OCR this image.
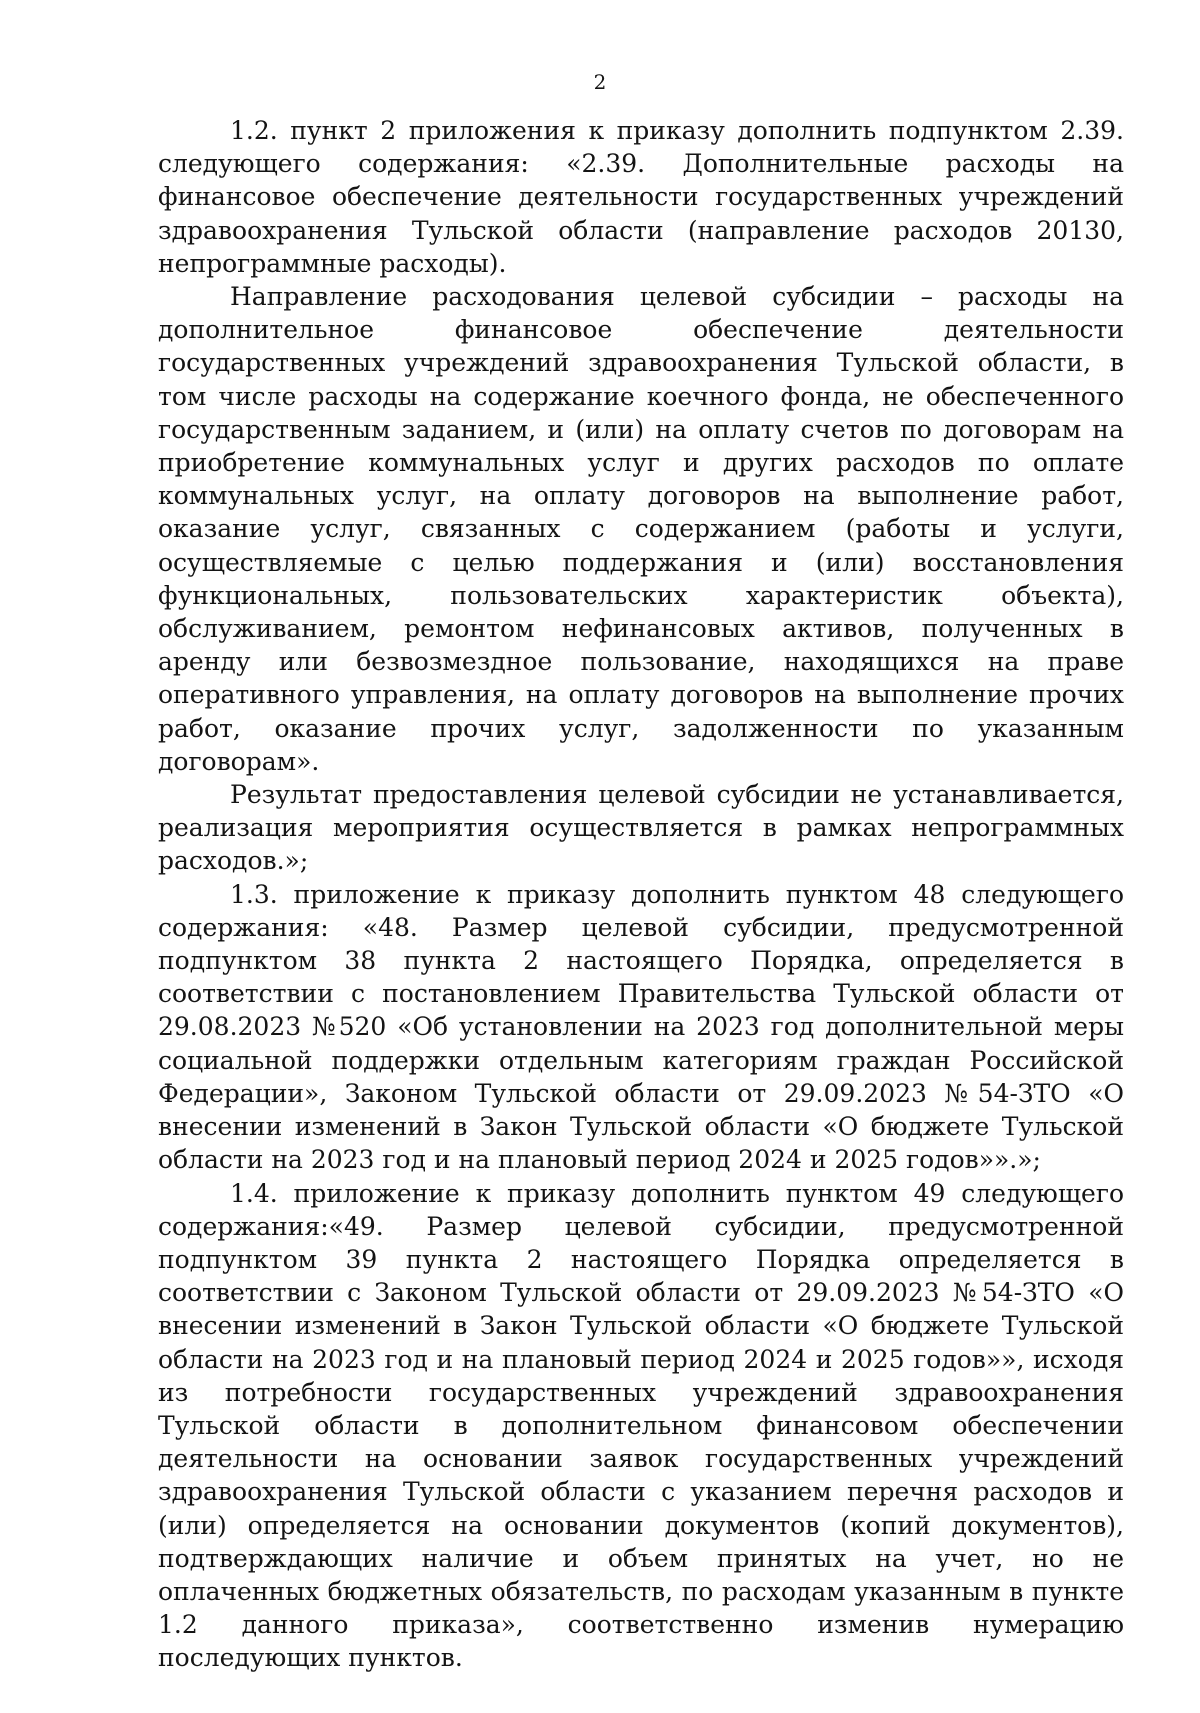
2

1.2. пункт 2 приложения к приказу дополнить подпунктом 2.39. следующего содержания: «2.39. Дополнительные расходы на финансовое обеспечение деятельности государственных учреждений здравоохранения Тульской области (направление расходов 20130, непрограммные расходы).

Направление расходования целевой субсидии – расходы на дополнительное финансовое обеспечение деятельности государственных учреждений здравоохранения Тульской области, в том числе расходы на содержание коечного фонда, не обеспеченного государственным заданием, и (или) на оплату счетов по договорам на приобретение коммунальных услуг и других расходов по оплате коммунальных услуг, на оплату договоров на выполнение работ, оказание услуг, связанных с содержанием (работы и услуги, осуществляемые с целью поддержания и (или) восстановления функциональных, пользовательских характеристик объекта), обслуживанием, ремонтом нефинансовых активов, полученных в аренду или безвозмездное пользование, находящихся на праве оперативного управления, на оплату договоров на выполнение прочих работ, оказание прочих услуг, задолженности по указанным договорам».

Результат предоставления целевой субсидии не устанавливается, реализация мероприятия осуществляется в рамках непрограммных расходов.»;

1.3. приложение к приказу дополнить пунктом 48 следующего содержания: «48. Размер целевой субсидии, предусмотренной подпунктом 38 пункта 2 настоящего Порядка, определяется в соответствии с постановлением Правительства Тульской области от 29.08.2023 №520 «Об установлении на 2023 год дополнительной меры социальной поддержки отдельным категориям граждан Российской Федерации», Законом Тульской области от 29.09.2023 №54-ЗТО «О внесении изменений в Закон Тульской области «О бюджете Тульской области на 2023 год и на плановый период 2024 и 2025 годов»».»;

1.4. приложение к приказу дополнить пунктом 49 следующего содержания:«49. Размер целевой субсидии, предусмотренной подпунктом 39 пункта 2 настоящего Порядка определяется в соответствии с Законом Тульской области от 29.09.2023 №54-ЗТО «О внесении изменений в Закон Тульской области «О бюджете Тульской области на 2023 год и на плановый период 2024 и 2025 годов»», исходя из потребности государственных учреждений здравоохранения Тульской области в дополнительном финансовом обеспечении деятельности на основании заявок государственных учреждений здравоохранения Тульской области с указанием перечня расходов и (или) определяется на основании документов (копий документов), подтверждающих наличие и объем принятых на учет, но не оплаченных бюджетных обязательств, по расходам указанным в пункте 1.2 данного приказа», соответственно изменив нумерацию последующих пунктов.
